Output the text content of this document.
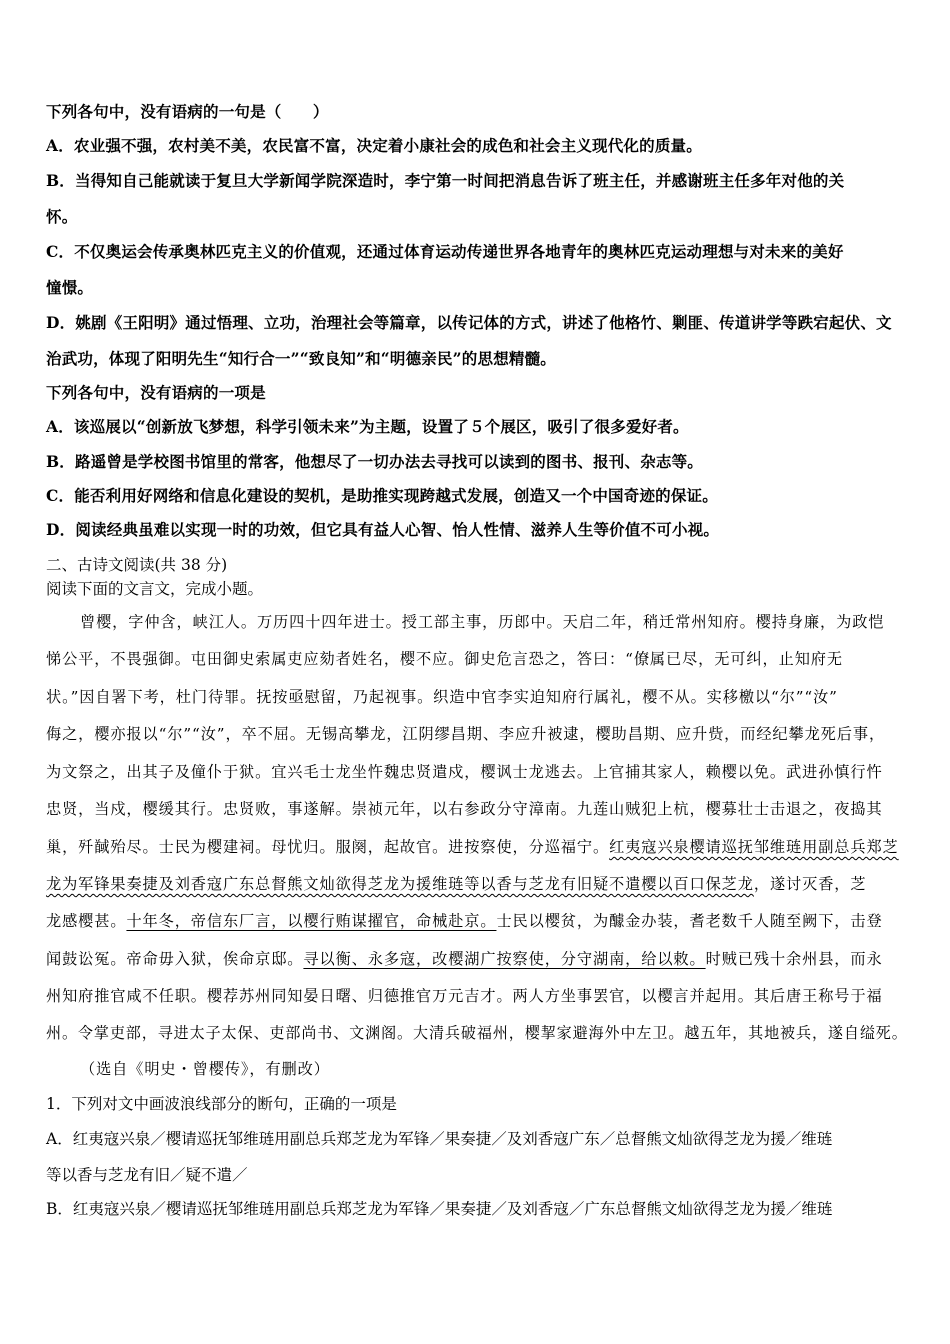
下列各句中，没有语病的一句是（　　）
A．农业强不强，农村美不美，农民富不富，决定着小康社会的成色和社会主义现代化的质量。
B．当得知自己能就读于复旦大学新闻学院深造时，李宁第一时间把消息告诉了班主任，并感谢班主任多年对他的关
怀。
C．不仅奥运会传承奥林匹克主义的价值观，还通过体育运动传递世界各地青年的奥林匹克运动理想与对未来的美好
憧憬。
D．姚剧《王阳明》通过悟理、立功，治理社会等篇章，以传记体的方式，讲述了他格竹、剿匪、传道讲学等跌宕起伏、文
治武功，体现了阳明先生“知行合一”“致良知”和“明德亲民”的思想精髓。
下列各句中，没有语病的一项是
A．该巡展以“创新放飞梦想，科学引领未来”为主题，设置了５个展区，吸引了很多爱好者。
B．路遥曾是学校图书馆里的常客，他想尽了一切办法去寻找可以读到的图书、报刊、杂志等。
C．能否利用好网络和信息化建设的契机，是助推实现跨越式发展，创造又一个中国奇迹的保证。
D．阅读经典虽难以实现一时的功效，但它具有益人心智、怡人性情、滋养人生等价值不可小视。
二、古诗文阅读(共 38 分)
阅读下面的文言文，完成小题。
曾樱，字仲含，峡江人。万历四十四年进士。授工部主事，历郎中。天启二年，稍迁常州知府。樱持身廉，为政恺
悌公平，不畏强御。屯田御史索属吏应劾者姓名，樱不应。御史危言恐之，答曰：“僚属已尽，无可纠，止知府无
状。”因自署下考，杜门待罪。抚按亟慰留，乃起视事。织造中官李实迫知府行属礼，樱不从。实移檄以“尔”“汝”
侮之，樱亦报以“尔”“汝”，卒不屈。无锡高攀龙，江阴缪昌期、李应升被逮，樱助昌期、应升赀，而经纪攀龙死后事，
为文祭之，出其子及僮仆于狱。宜兴毛士龙坐忤魏忠贤遣戍，樱讽士龙逃去。上官捕其家人，赖樱以免。武进孙慎行忤
忠贤，当戍，樱缓其行。忠贤败，事遂解。崇祯元年，以右参政分守漳南。九莲山贼犯上杭，樱募壮士击退之，夜捣其
巢，歼馘殆尽。士民为樱建祠。母忧归。服阕，起故官。进按察使，分巡福宁。红夷寇兴泉樱请巡抚邹维琏用副总兵郑芝
龙为军锋果奏捷及刘香寇广东总督熊文灿欲得芝龙为援维琏等以香与芝龙有旧疑不遣樱以百口保芝龙，遂讨灭香，芝
龙感樱甚。十年冬，帝信东厂言，以樱行贿谋擢官，命械赴京。士民以樱贫，为醵金办装，耆老数千人随至阙下，击登
闻鼓讼冤。帝命毋入狱，俟命京邸。寻以衡、永多寇，改樱湖广按察使，分守湖南，给以敕。时贼已残十余州县，而永
州知府推官咸不任职。樱荐苏州同知晏日曙、归德推官万元吉才。两人方坐事罢官，以樱言并起用。其后唐王称号于福
州。令掌吏部，寻进太子太保、吏部尚书、文渊阁。大清兵破福州，樱挈家避海外中左卫。越五年，其地被兵，遂自缢死。
（选自《明史・曾樱传》，有删改）
1．下列对文中画波浪线部分的断句，正确的一项是
A．红夷寇兴泉／樱请巡抚邹维琏用副总兵郑芝龙为军锋／果奏捷／及刘香寇广东／总督熊文灿欲得芝龙为援／维琏
等以香与芝龙有旧／疑不遣／
B．红夷寇兴泉／樱请巡抚邹维琏用副总兵郑芝龙为军锋／果奏捷／及刘香寇／广东总督熊文灿欲得芝龙为援／维琏
